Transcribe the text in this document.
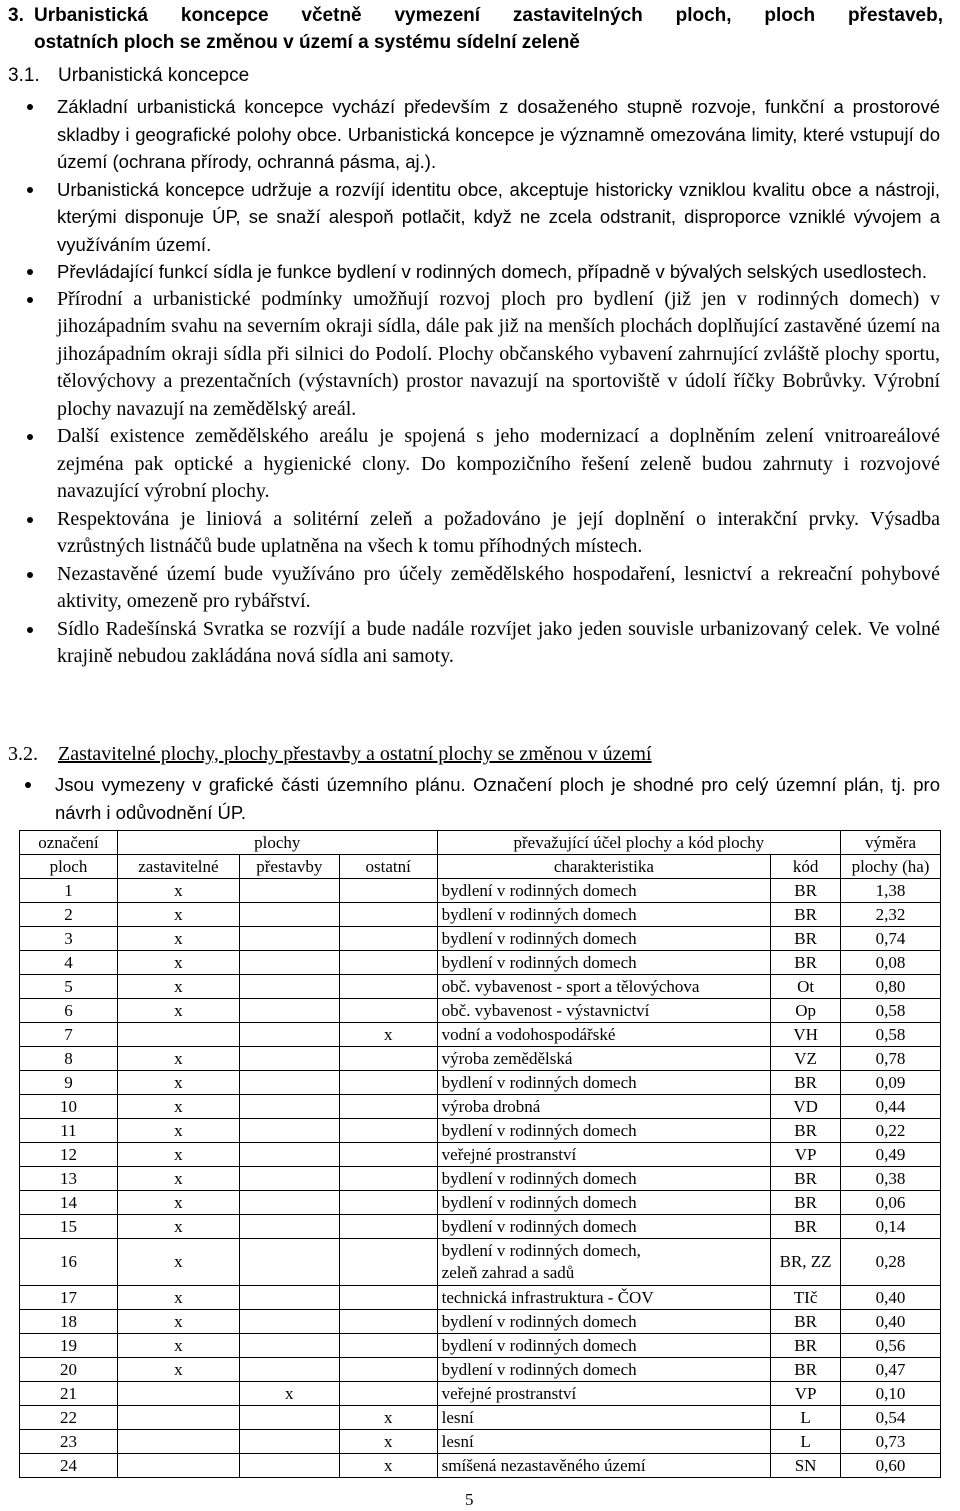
3. Urbanistická koncepce včetně vymezení zastavitelných ploch, ploch přestaveb,
ostatních ploch se změnou v území a systému sídelní zeleně
3.1. Urbanistická koncepce
Základní urbanistická koncepce vychází především z dosaženého stupně rozvoje, funkční a prostorové skladby i geografické polohy obce. Urbanistická koncepce je významně omezována limity, které vstupují do území (ochrana přírody, ochranná pásma, aj.).
Urbanistická koncepce udržuje a rozvíjí identitu obce, akceptuje historicky vzniklou kvalitu obce a nástroji, kterými disponuje ÚP, se snaží alespoň potlačit, když ne zcela odstranit, disproporce vzniklé vývojem a využíváním území.
Převládající funkcí sídla je funkce bydlení v rodinných domech, případně v bývalých selských usedlostech.
Přírodní a urbanistické podmínky umožňují rozvoj ploch pro bydlení (již jen v rodinných domech) v jihozápadním svahu na severním okraji sídla, dále pak již na menších plochách doplňující zastavěné území na jihozápadním okraji sídla při silnici do Podolí. Plochy občanského vybavení zahrnující zvláště plochy sportu, tělovýchovy a prezentačních (výstavních) prostor navazují na sportoviště v údolí říčky Bobrůvky. Výrobní plochy navazují na zemědělský areál.
Další existence zemědělského areálu je spojená s jeho modernizací a doplněním zelení vnitroareálové zejména pak optické a hygienické clony. Do kompozičního řešení zeleně budou zahrnuty i rozvojové navazující výrobní plochy.
Respektována je liniová a solitérní zeleň a požadováno je její doplnění o interakční prvky. Výsadba vzrůstných listnáčů bude uplatněna na všech k tomu příhodných místech.
Nezastavěné území bude využíváno pro účely zemědělského hospodaření, lesnictví a rekreační pohybové aktivity, omezeně pro rybářství.
Sídlo Radešínská Svratka se rozvíjí a bude nadále rozvíjet jako jeden souvisle urbanizovaný celek. Ve volné krajině nebudou zakládána nová sídla ani samoty.
3.2. Zastavitelné plochy, plochy přestavby a ostatní plochy se změnou v území
Jsou vymezeny v grafické části územního plánu. Označení ploch je shodné pro celý územní plán, tj. pro návrh i odůvodnění ÚP.
označení	plochy			převažující účel plochy a kód plochy		výměra
ploch	zastavitelné	přestavby	ostatní	charakteristika	kód	plochy (ha)
1	x			bydlení v rodinných domech	BR	1,38
2	x			bydlení v rodinných domech	BR	2,32
3	x			bydlení v rodinných domech	BR	0,74
4	x			bydlení v rodinných domech	BR	0,08
5	x			obč. vybavenost - sport a tělovýchova	Ot	0,80
6	x			obč. vybavenost - výstavnictví	Op	0,58
7			x	vodní a vodohospodářské	VH	0,58
8	x			výroba zemědělská	VZ	0,78
9	x			bydlení v rodinných domech	BR	0,09
10	x			výroba drobná	VD	0,44
11	x			bydlení v rodinných domech	BR	0,22
12	x			veřejné prostranství	VP	0,49
13	x			bydlení v rodinných domech	BR	0,38
14	x			bydlení v rodinných domech	BR	0,06
15	x			bydlení v rodinných domech	BR	0,14
16	x			bydlení v rodinných domech,
zeleň zahrad a sadů	BR, ZZ	0,28
17	x			technická infrastruktura - ČOV	TIč	0,40
18	x			bydlení v rodinných domech	BR	0,40
19	x			bydlení v rodinných domech	BR	0,56
20	x			bydlení v rodinných domech	BR	0,47
21		x		veřejné prostranství	VP	0,10
22			x	lesní	L	0,54
23			x	lesní	L	0,73
24			x	smíšená nezastavěného území	SN	0,60
5
